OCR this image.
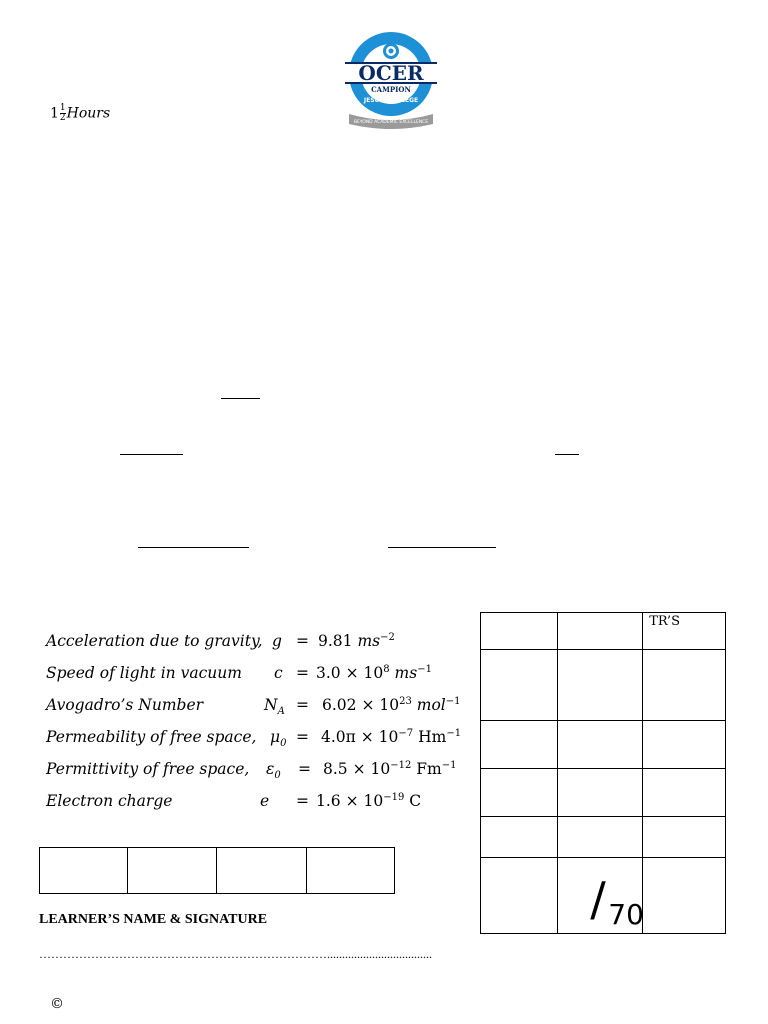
$1 \frac{1}{2}$ Hours
OCER
CAMPION
JESUIT COLLEGE
BEYOND ACADEMIC EXCELLENCE
Acceleration due to gravity, g = 9.81 $ms^{-2}$
Speed of light in vacuum $c = 3.0 \times 10^8$ $ms^{-1}$
Avogadro’s Number	$N_A = 6.02 \times 10^{23}$ mol$^{-1}$
Permeability of free space, $\mu_0 = 4.0\pi \times 10^{-7}$ $Hm^{-1}$
Permittivity of free space, $\varepsilon_0 = 8.5 \times 10^{-12}$ $Fm^{-1}$
Electron charge	$e = 1.6 \times 10^{-19}$ C
		TR’S

	/ 70	

LEARNER’S NAME & SIGNATURE
………………………………………………………………...................................
©
